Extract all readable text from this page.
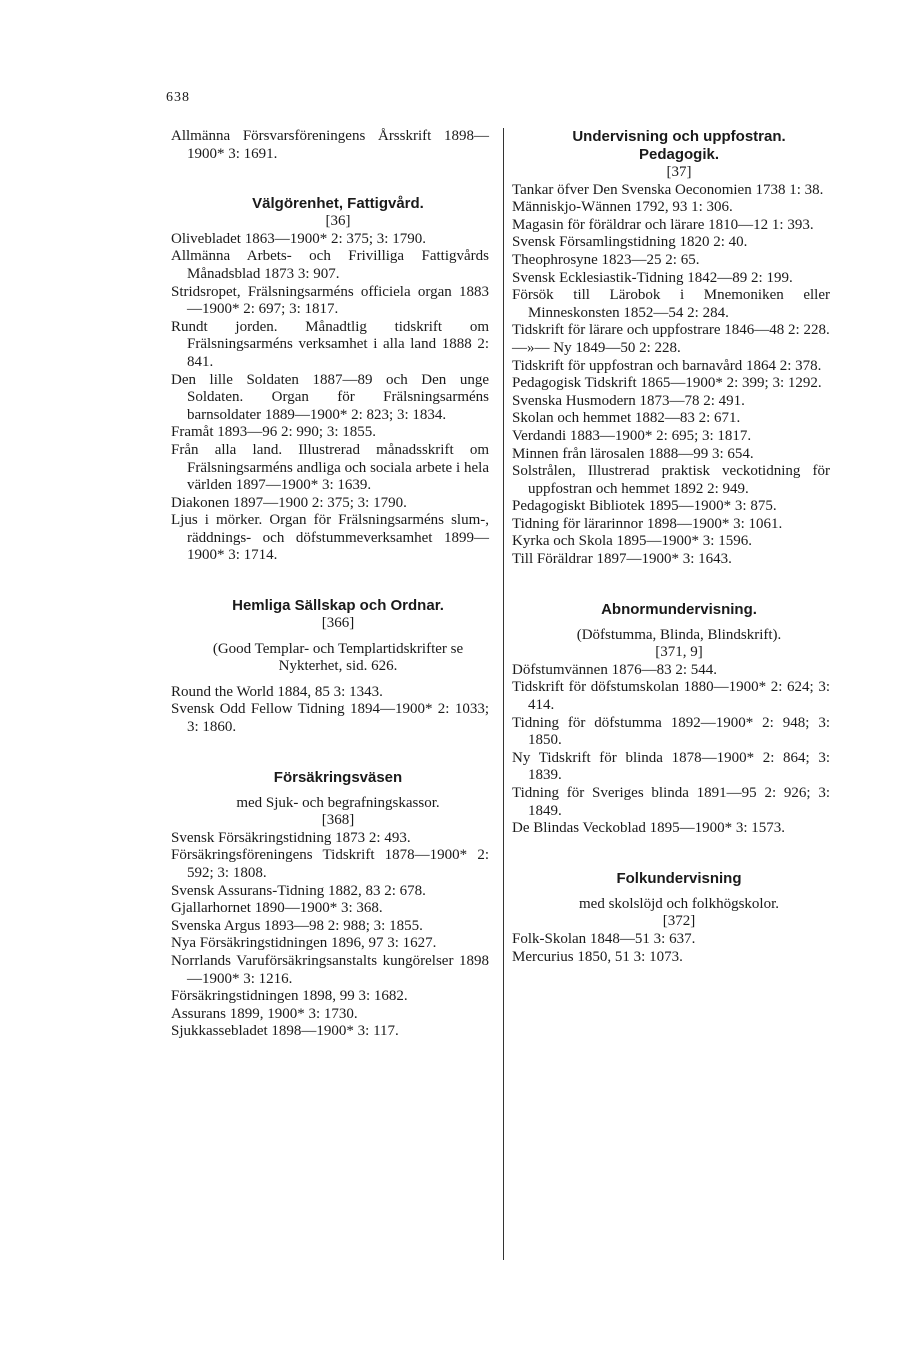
638

Allmänna Försvarsföreningens Årsskrift 1898—1900* 3: 1691.

Välgörenhet, Fattigvård.

[36]

Olivebladet 1863—1900* 2: 375; 3: 1790.

Allmänna Arbets- och Frivilliga Fattigvårds Månadsblad 1873 3: 907.

Stridsropet, Frälsningsarméns officiela organ 1883—1900* 2: 697; 3: 1817.

Rundt jorden. Månadtlig tidskrift om Frälsningsarméns verksamhet i alla land 1888 2: 841.

Den lille Soldaten 1887—89 och Den unge Soldaten. Organ för Frälsningsarméns barnsoldater 1889—1900* 2: 823; 3: 1834.

Framåt 1893—96 2: 990; 3: 1855.

Från alla land. Illustrerad månadsskrift om Frälsningsarméns andliga och sociala arbete i hela världen 1897—1900* 3: 1639.

Diakonen 1897—1900 2: 375; 3: 1790.

Ljus i mörker. Organ för Frälsningsarméns slum-, räddnings- och döfstummeverksamhet 1899—1900* 3: 1714.

Hemliga Sällskap och Ordnar.

[366]

(Good Templar- och Templartidskrifter se Nykterhet, sid. 626.

Round the World 1884, 85 3: 1343.

Svensk Odd Fellow Tidning 1894—1900* 2: 1033; 3: 1860.

Försäkringsväsen

med Sjuk- och begrafningskassor.

[368]

Svensk Försäkringstidning 1873 2: 493.

Försäkringsföreningens Tidskrift 1878—1900* 2: 592; 3: 1808.

Svensk Assurans-Tidning 1882, 83 2: 678.

Gjallarhornet 1890—1900* 3: 368.

Svenska Argus 1893—98 2: 988; 3: 1855.

Nya Försäkringstidningen 1896, 97 3: 1627.

Norrlands Varuförsäkringsanstalts kungörelser 1898—1900* 3: 1216.

Försäkringstidningen 1898, 99 3: 1682.

Assurans 1899, 1900* 3: 1730.

Sjukkassebladet 1898—1900* 3: 117.

Undervisning och uppfostran.

Pedagogik.

[37]

Tankar öfver Den Svenska Oeconomien 1738 1: 38.

Människjo-Wännen 1792, 93 1: 306.

Magasin för föräldrar och lärare 1810—12 1: 393.

Svensk Församlingstidning 1820 2: 40.

Theophrosyne 1823—25 2: 65.

Svensk Ecklesiastik-Tidning 1842—89 2: 199.

Försök till Lärobok i Mnemoniken eller Minneskonsten 1852—54 2: 284.

Tidskrift för lärare och uppfostrare 1846—48 2: 228.

—»— Ny 1849—50 2: 228.

Tidskrift för uppfostran och barnavård 1864 2: 378.

Pedagogisk Tidskrift 1865—1900* 2: 399; 3: 1292.

Svenska Husmodern 1873—78 2: 491.

Skolan och hemmet 1882—83 2: 671.

Verdandi 1883—1900* 2: 695; 3: 1817.

Minnen från lärosalen 1888—99 3: 654.

Solstrålen, Illustrerad praktisk veckotidning för uppfostran och hemmet 1892 2: 949.

Pedagogiskt Bibliotek 1895—1900* 3: 875.

Tidning för lärarinnor 1898—1900* 3: 1061.

Kyrka och Skola 1895—1900* 3: 1596.

Till Föräldrar 1897—1900* 3: 1643.

Abnormundervisning.

(Döfstumma, Blinda, Blindskrift).

[371, 9]

Döfstumvännen 1876—83 2: 544.

Tidskrift för döfstumskolan 1880—1900* 2: 624; 3: 414.

Tidning för döfstumma 1892—1900* 2: 948; 3: 1850.

Ny Tidskrift för blinda 1878—1900* 2: 864; 3: 1839.

Tidning för Sveriges blinda 1891—95 2: 926; 3: 1849.

De Blindas Veckoblad 1895—1900* 3: 1573.

Folkundervisning

med skolslöjd och folkhögskolor.

[372]

Folk-Skolan 1848—51 3: 637.

Mercurius 1850, 51 3: 1073.
